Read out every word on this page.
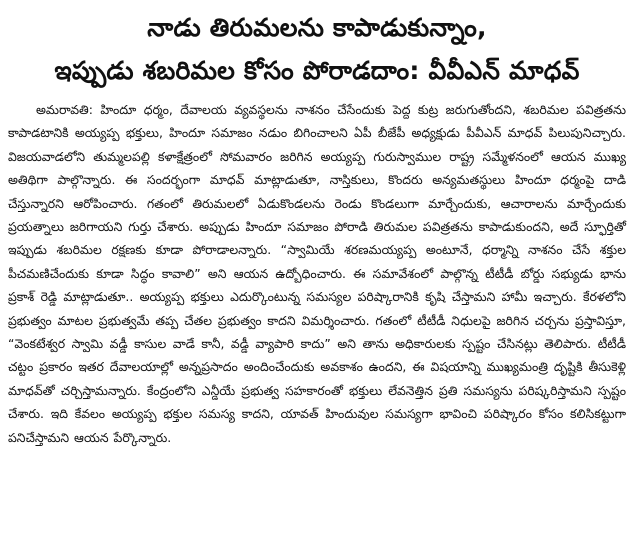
నాడు తిరుమలను కాపాడుకున్నాం,
ఇప్పుడు శబరిమల కోసం పోరాడదాం: వీవీఎన్ మాధవ్

అమరావతి: హిందూ ధర్మం, దేవాలయ వ్యవస్థలను నాశనం చేసేందుకు పెద్ద కుట్ర జరుగుతోందని, శబరిమల పవిత్రతను కాపాడటానికి అయ్యప్ప భక్తులు, హిందూ సమాజం నడుం బిగించాలని ఏపీ బీజేపీ అధ్యక్షుడు పీవీఎన్ మాధవ్ పిలుపునిచ్చారు. విజయవాడలోని తుమ్మలపల్లి కళాక్షేత్రంలో సోమవారం జరిగిన అయ్యప్ప గురుస్వాముల రాష్ట్ర సమ్మేళనంలో ఆయన ముఖ్య అతిథిగా పాల్గొన్నారు. ఈ సందర్భంగా మాధవ్ మాట్లాడుతూ, నాస్తికులు, కొందరు అన్యమతస్థులు హిందూ ధర్మంపై దాడి చేస్తున్నారని ఆరోపించారు. గతంలో తిరుమలలో ఏడుకొండలను రెండు కొండలుగా మార్చేందుకు, ఆచారాలను మార్చేందుకు ప్రయత్నాలు జరిగాయని గుర్తు చేశారు. అప్పుడు హిందూ సమాజం పోరాడి తిరుమల పవిత్రతను కాపాడుకుందని, అదే స్ఫూర్తితో ఇప్పుడు శబరిమల రక్షణకు కూడా పోరాడాలన్నారు. “స్వామియే శరణమయ్యప్ప అంటూనే, ధర్మాన్ని నాశనం చేసే శక్తుల పీచమణిచేందుకు కూడా సిద్ధం కావాలి” అని ఆయన ఉద్బోధించారు. ఈ సమావేశంలో పాల్గొన్న టీటీడీ బోర్డు సభ్యుడు భాను ప్రకాశ్ రెడ్డి మాట్లాడుతూ.. అయ్యప్ప భక్తులు ఎదుర్కొంటున్న సమస్యల పరిష్కారానికి కృషి చేస్తామని హామీ ఇచ్చారు. కేరళలోని ప్రభుత్వం మాటల ప్రభుత్వమే తప్ప చేతల ప్రభుత్వం కాదని విమర్శించారు. గతంలో టీటీడీ నిధులపై జరిగిన చర్చను ప్రస్తావిస్తూ, “వెంకటేశ్వర స్వామి వడ్డీ కాసుల వాడే కానీ, వడ్డీ వ్యాపారి కాదు” అని తాను అధికారులకు స్పష్టం చేసినట్లు తెలిపారు. టీటీడీ చట్టం ప్రకారం ఇతర దేవాలయాల్లో అన్నప్రసాదం అందించేందుకు అవకాశం ఉందని, ఈ విషయాన్ని ముఖ్యమంత్రి దృష్టికి తీసుకెళ్లి మాధవ్‌తో చర్చిస్తామన్నారు. కేంద్రంలోని ఎన్డీయే ప్రభుత్వ సహకారంతో భక్తులు లేవనెత్తిన ప్రతి సమస్యను పరిష్కరిస్తామని స్పష్టం చేశారు. ఇది కేవలం అయ్యప్ప భక్తుల సమస్య కాదని, యావత్ హిందువుల సమస్యగా భావించి పరిష్కారం కోసం కలిసికట్టుగా పనిచేస్తామని ఆయన పేర్కొన్నారు.
